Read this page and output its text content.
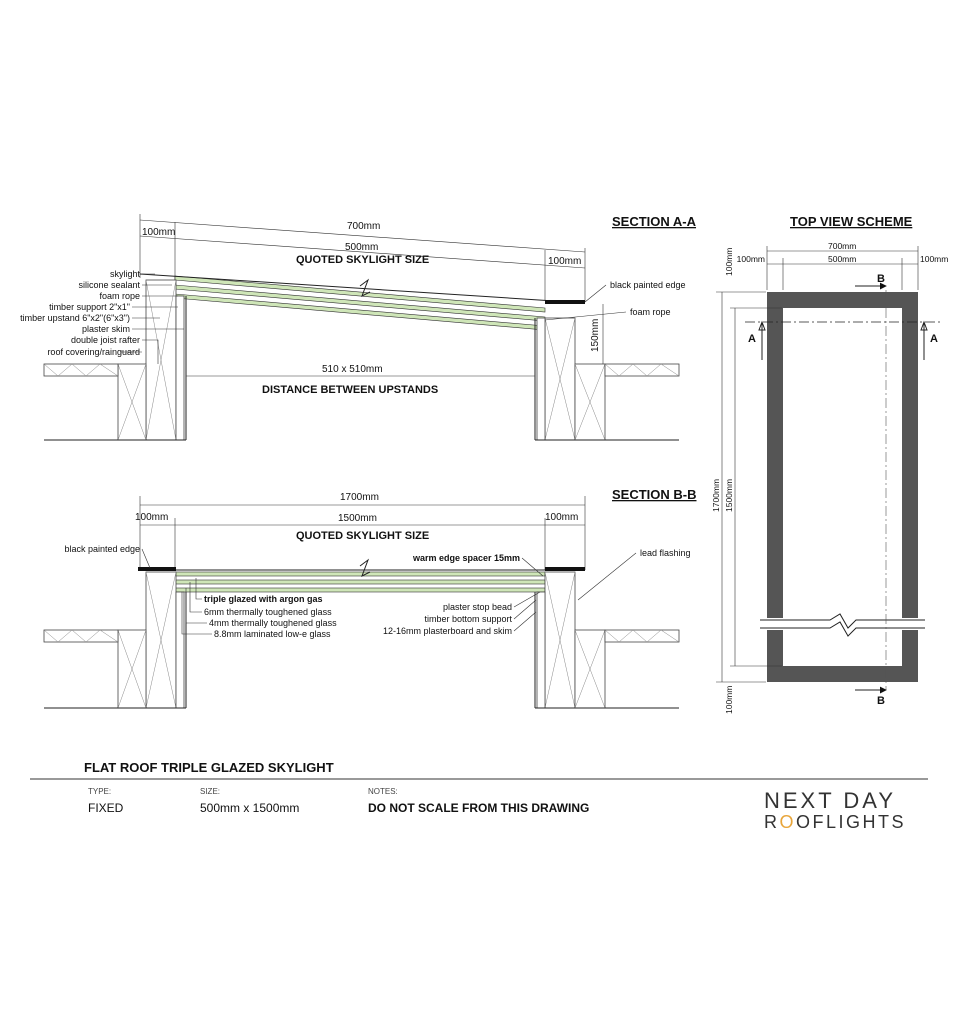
SECTION A-A
700mm
100mm
500mm
100mm
QUOTED SKYLIGHT SIZE
150mm
510 x 510mm
DISTANCE BETWEEN UPSTANDS
skylight
silicone sealant
foam rope
timber support 2"x1"
timber upstand 6"x2"(6"x3")
plaster skim
double joist rafter
roof covering/rainguard
black painted edge
foam rope
SECTION B-B
1700mm
100mm	1500mm	100mm
QUOTED SKYLIGHT SIZE
black painted edge
triple glazed with argon gas
6mm thermally toughened glass
4mm thermally toughened glass
8.8mm laminated low-e glass
warm edge spacer 15mm	lead flashing
plaster stop bead
timber bottom support
12-16mm plasterboard and skim
TOP VIEW SCHEME
A	A
B
B
700mm
500mm
100mm	100mm
100mm
1700mm 1500mm
100mm
FLAT ROOF TRIPLE GLAZED SKYLIGHT
TYPE:
FIXED
SIZE:
500mm x 1500mm
NOTES:
DO NOT SCALE FROM THIS DRAWING	NEXT DAY
ROOFLIGHTS
